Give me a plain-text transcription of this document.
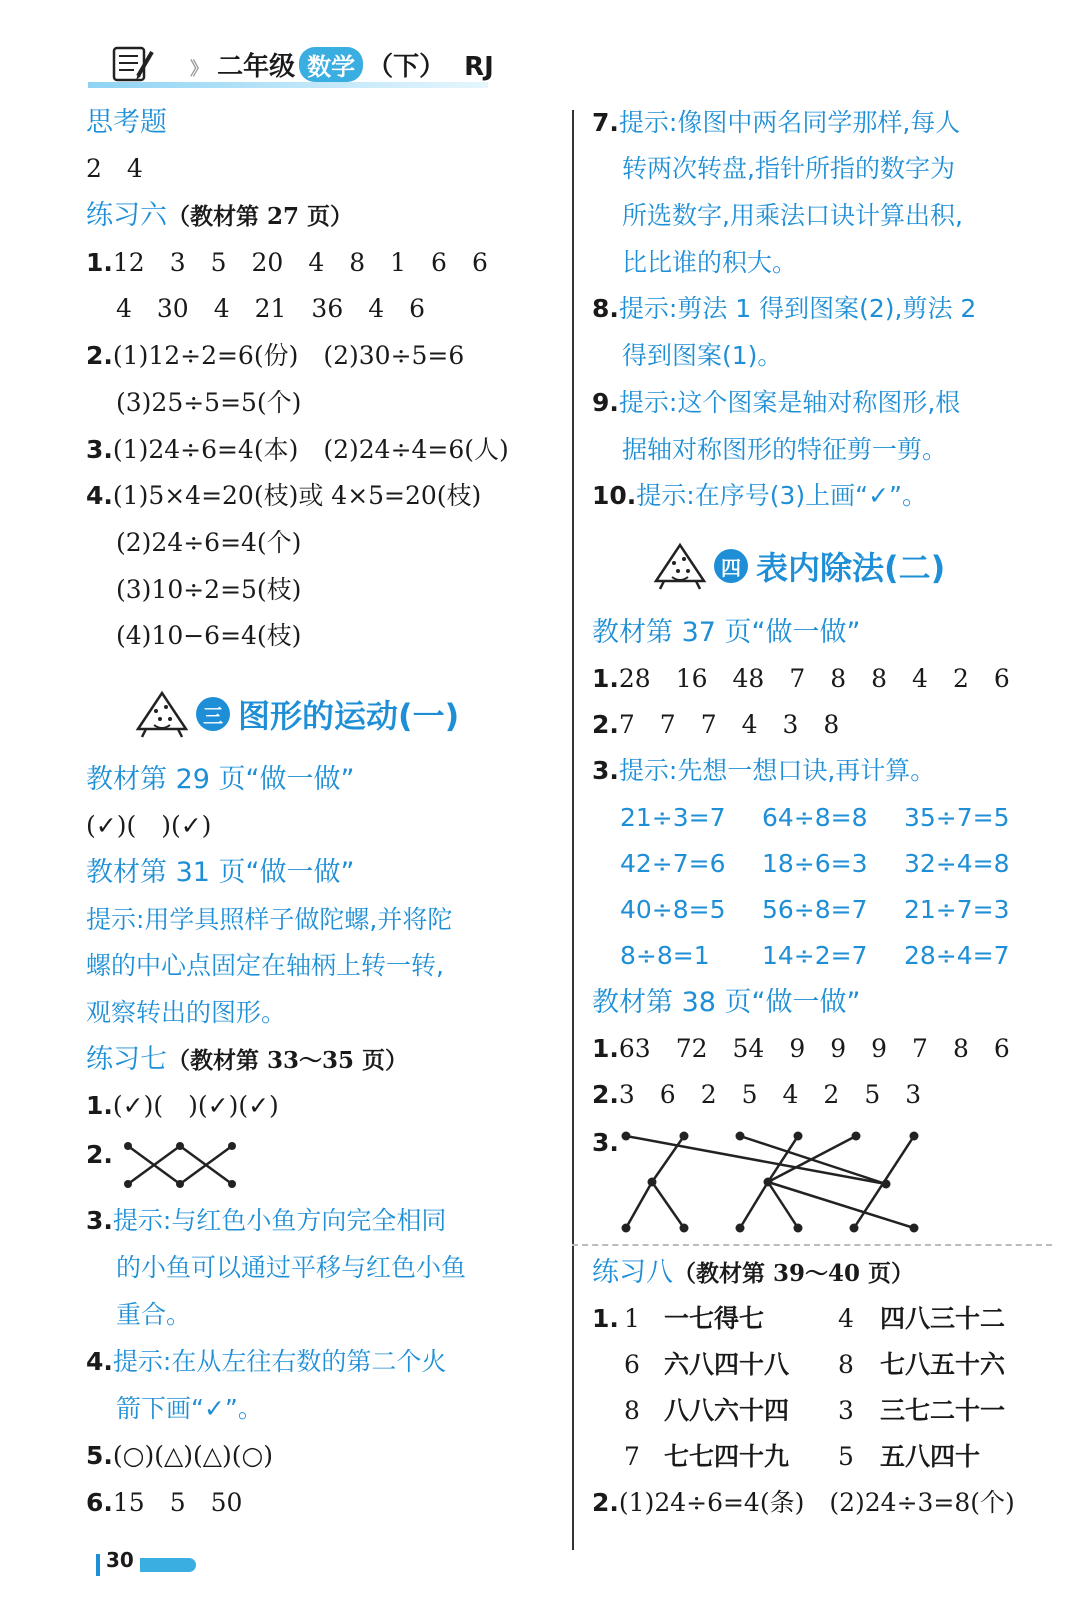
》 二年级 数学 （下） RJ
思考题
2　4
练习六（教材第 27 页）
1.12　3　5　20　4　8　1　6　6
4　30　4　21　36　4　6
2.(1)12÷2=6(份)　(2)30÷5=6
(3)25÷5=5(个)
3.(1)24÷6=4(本)　(2)24÷4=6(人)
4.(1)5×4=20(枝)或 4×5=20(枝)
(2)24÷6=4(个)
(3)10÷2=5(枝)
(4)10−6=4(枝)
三 图形的运动(一)
教材第 29 页“做一做”
(✓)(　)(✓)
教材第 31 页“做一做”
提示:用学具照样子做陀螺,并将陀
螺的中心点固定在轴柄上转一转,
观察转出的图形。
练习七（教材第 33～35 页）
1.(✓)(　)(✓)(✓)
2.
3.提示:与红色小鱼方向完全相同
的小鱼可以通过平移与红色小鱼
重合。
4.提示:在从左往右数的第二个火
箭下画“✓”。
5.(○)(△)(△)(○)
6.15　5　50
7.提示:像图中两名同学那样,每人
转两次转盘,指针所指的数字为
所选数字,用乘法口诀计算出积,
比比谁的积大。
8.提示:剪法 1 得到图案(2),剪法 2
得到图案(1)。
9.提示:这个图案是轴对称图形,根
据轴对称图形的特征剪一剪。
10.提示:在序号(3)上画“✓”。
四 表内除法(二)
教材第 37 页“做一做”
1.28　16　48　7　8　8　4　2　6
2.7　7　7　4　3　8
3.提示:先想一想口诀,再计算。
21÷3=7 64÷8=8 35÷7=5
42÷7=6 18÷6=3 32÷4=8
40÷8=5 56÷8=7 21÷7=3
8÷8=1 14÷2=7 28÷4=7
教材第 38 页“做一做”
1.63　72　54　9　9　9　7　8　6
2.3　6　2　5　4　2　5　3
3.
练习八（教材第 39～40 页）
1. 1 一七得七	4 四八三十二
6 六八四十八 8 七八五十六
8 八八六十四 3 三七二十一
7 七七四十九 5 五八四十
2.(1)24÷6=4(条)　(2)24÷3=8(个)
30
